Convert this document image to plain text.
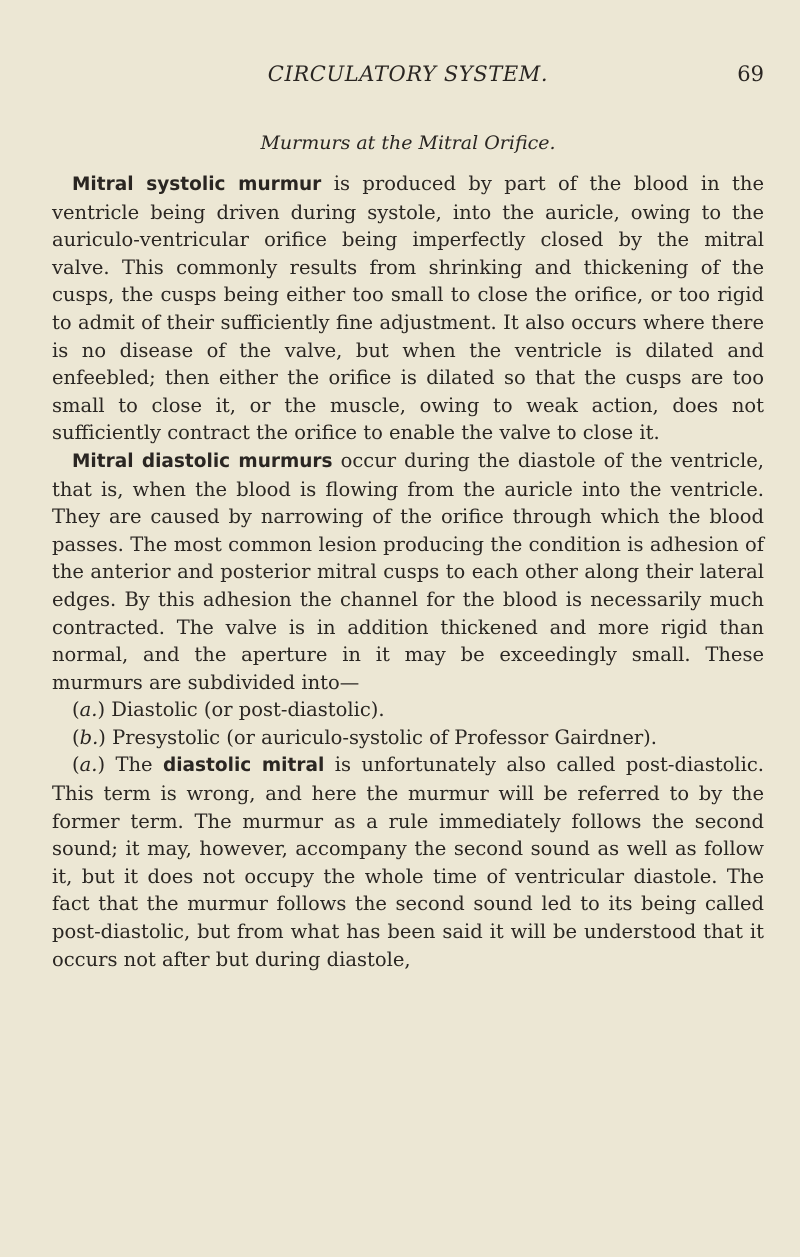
CIRCULATORY SYSTEM.	69
Murmurs at the Mitral Orifice.

Mitral systolic murmur is produced by part of the blood in the ventricle being driven during systole, into the auricle, owing to the auriculo-ventricular orifice being imperfectly closed by the mitral valve. This commonly results from shrinking and thickening of the cusps, the cusps being either too small to close the orifice, or too rigid to admit of their sufficiently fine adjustment. It also occurs where there is no disease of the valve, but when the ventricle is dilated and enfeebled; then either the orifice is dilated so that the cusps are too small to close it, or the muscle, owing to weak action, does not sufficiently contract the orifice to enable the valve to close it.

Mitral diastolic murmurs occur during the diastole of the ventricle, that is, when the blood is flowing from the auricle into the ventricle. They are caused by narrowing of the orifice through which the blood passes. The most common lesion producing the condition is adhesion of the anterior and posterior mitral cusps to each other along their lateral edges. By this adhesion the channel for the blood is necessarily much contracted. The valve is in addition thickened and more rigid than normal, and the aperture in it may be exceedingly small. These murmurs are subdivided into—

(a.) Diastolic (or post-diastolic).

(b.) Presystolic (or auriculo-systolic of Professor Gairdner).

(a.) The diastolic mitral is unfortunately also called post-diastolic. This term is wrong, and here the murmur will be referred to by the former term. The murmur as a rule immediately follows the second sound; it may, however, accompany the second sound as well as follow it, but it does not occupy the whole time of ventricular diastole. The fact that the murmur follows the second sound led to its being called post-diastolic, but from what has been said it will be understood that it occurs not after but during diastole,
